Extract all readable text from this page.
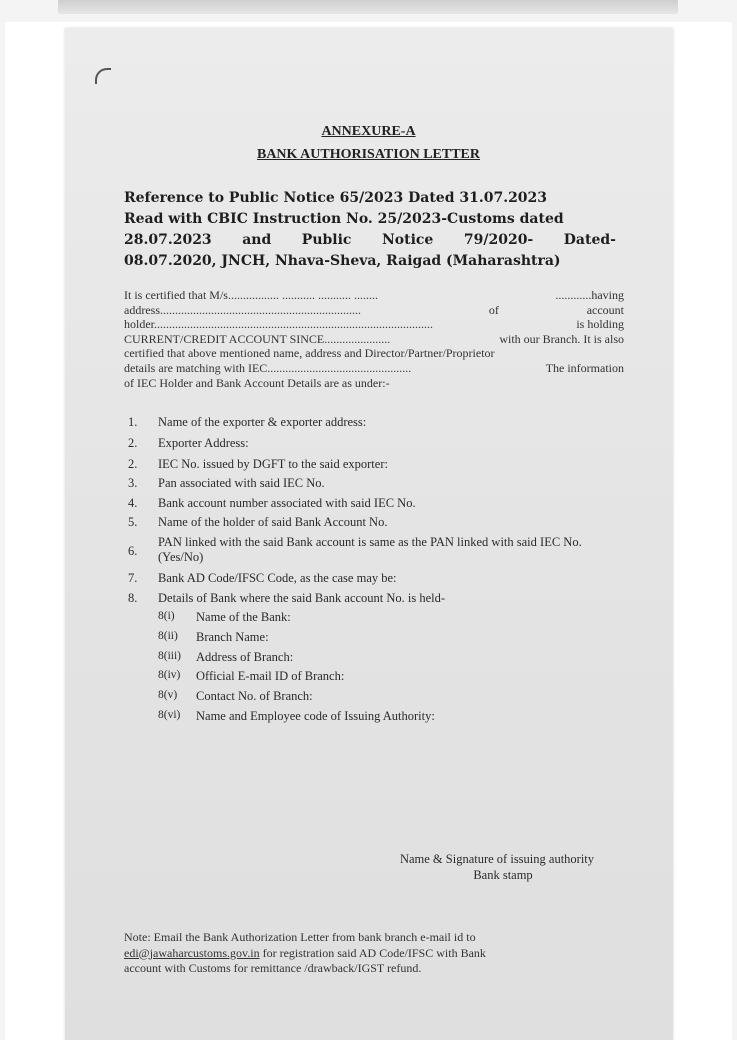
ANNEXURE-A
BANK AUTHORISATION LETTER
Reference to Public Notice 65/2023 Dated 31.07.2023
Read with CBIC Instruction No. 25/2023-Customs dated
28.07.2023 and Public Notice 79/2020- Dated-
08.07.2020, JNCH, Nhava-Sheva, Raigad (Maharashtra)
It is certified that M/s................. ........... ........... ........	............having
address...................................................................	of	account
holder.............................................................................................	is holding
CURRENT/CREDIT ACCOUNT SINCE......................	with our Branch. It is also
certified that above mentioned name, address and Director/Partner/Proprietor
details are matching with IEC................................................	The information
of IEC Holder and Bank Account Details are as under:-
1. Name of the exporter & exporter address:
2. Exporter Address:
2. IEC No. issued by DGFT to the said exporter:
3. Pan associated with said IEC No.
4. Bank account number associated with said IEC No.
5. Name of the holder of said Bank Account No.
6.
PAN linked with the said Bank account is same as the PAN linked with said IEC No. (Yes/No)
7. Bank AD Code/IFSC Code, as the case may be:
8. Details of Bank where the said Bank account No. is held-
8(i) Name of the Bank:
8(ii) Branch Name:
8(iii) Address of Branch:
8(iv) Official E-mail ID of Branch:
8(v) Contact No. of Branch:
8(vi) Name and Employee code of Issuing Authority:
Name & Signature of issuing authority
Bank stamp
Note: Email the Bank Authorization Letter from bank branch e-mail id to
edi@jawaharcustoms.gov.in for registration said AD Code/IFSC with Bank
account with Customs for remittance /drawback/IGST refund.
